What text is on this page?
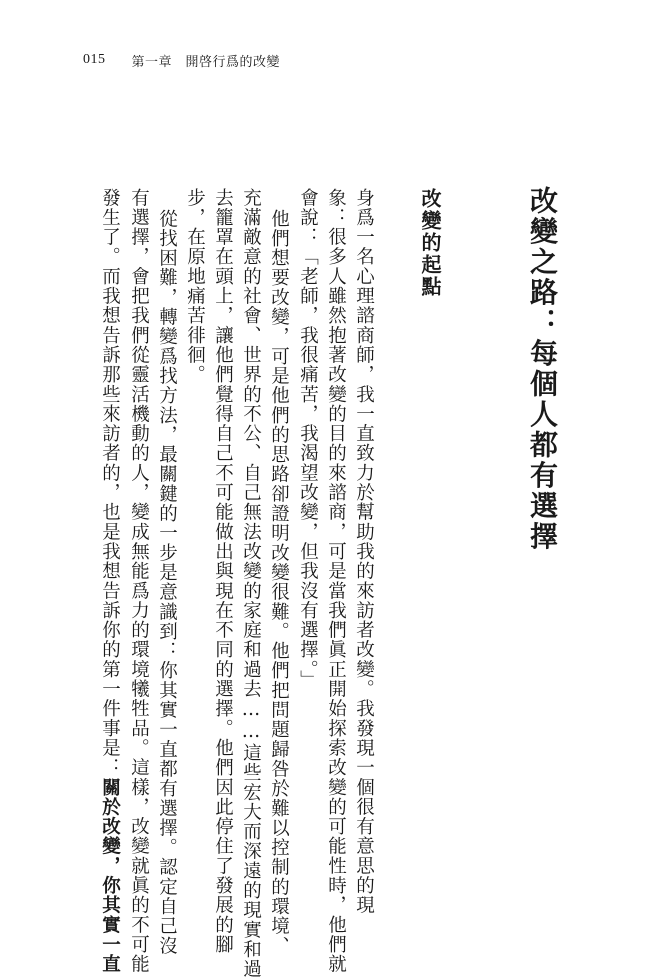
015 第一章　開啓行爲的改變
改變之路：每個人都有選擇
改變的起點
身爲一名心理諮商師，我一直致力於幫助我的來訪者改變。我發現一個很有意思的現
象：很多人雖然抱著改變的目的來諮商，可是當我們眞正開始探索改變的可能性時，他們就
會說：「老師，我很痛苦，我渴望改變，但我沒有選擇。」
他們想要改變，可是他們的思路卻證明改變很難。他們把問題歸咎於難以控制的環境、
充滿敵意的社會、世界的不公、自己無法改變的家庭和過去……這些宏大而深遠的現實和過
去籠罩在頭上，讓他們覺得自己不可能做出與現在不同的選擇。他們因此停住了發展的腳
步，在原地痛苦徘徊。
從找困難，轉變爲找方法，最關鍵的一步是意識到：你其實一直都有選擇。認定自己沒
有選擇，會把我們從靈活機動的人，變成無能爲力的環境犧牲品。這樣，改變就眞的不可能
發生了。而我想告訴那些來訪者的，也是我想告訴你的第一件事是：關於改變，你其實一直
